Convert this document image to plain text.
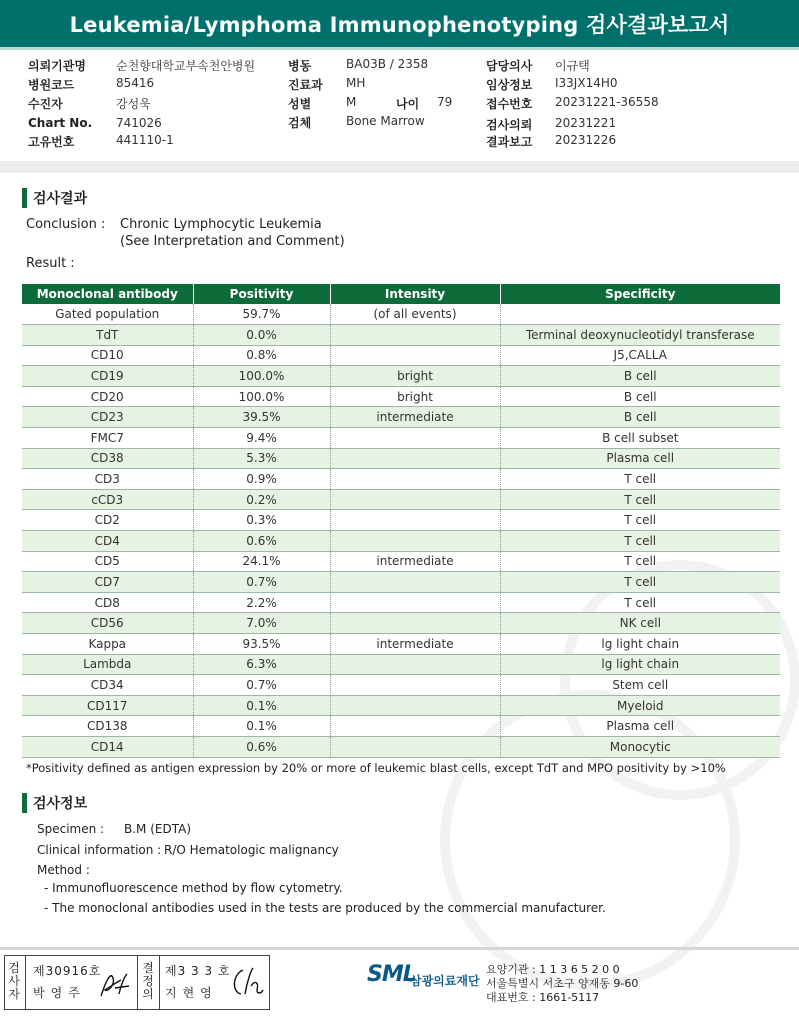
Leukemia/Lymphoma Immunophenotyping 검사결과보고서
의뢰기관명	순천향대학교부속천안병원
병원코드	85416
수진자	강성욱
Chart No. 741026
고유번호	441110-1
병동	BA03B / 2358
진료과 MH
성별	M	나이 79
검체	Bone Marrow
담당의사 이규택
임상정보 I33JX14H0
접수번호 20231221-36558
검사의뢰 20231221
결과보고 20231226
검사결과
Conclusion : Chronic Lymphocytic Leukemia
(See Interpretation and Comment)
Result :
Monoclonal antibody	Positivity	Intensity	Specificity
Gated population	59.7%	(of all events)	
TdT	0.0%		Terminal deoxynucleotidyl transferase
CD10	0.8%		J5,CALLA
CD19	100.0%	bright	B cell
CD20	100.0%	bright	B cell
CD23	39.5%	intermediate	B cell
FMC7	9.4%		B cell subset
CD38	5.3%		Plasma cell
CD3	0.9%		T cell
cCD3	0.2%		T cell
CD2	0.3%		T cell
CD4	0.6%		T cell
CD5	24.1%	intermediate	T cell
CD7	0.7%		T cell
CD8	2.2%		T cell
CD56	7.0%		NK cell
Kappa	93.5%	intermediate	lg light chain
Lambda	6.3%		lg light chain
CD34	0.7%		Stem cell
CD117	0.1%		Myeloid
CD138	0.1%		Plasma cell
CD14	0.6%		Monocytic
*Positivity defined as antigen expression by 20% or more of leukemic blast cells, except TdT and MPO positivity by >10%
검사정보
Specimen : B.M (EDTA)
Clinical information : R/O Hematologic malignancy
Method :
- Immunofluorescence method by flow cytometry.
- The monoclonal antibodies used in the tests are produced by the commercial manufacturer.
검
사
자
제30916호
박영주
결
정
의
제3 3 3 호
지현영
SML
삼광의료재단
요양기관 : 1 1 3 6 5 2 0 0
서울특별시 서초구 양재동 9-60
대표번호 : 1661-5117
